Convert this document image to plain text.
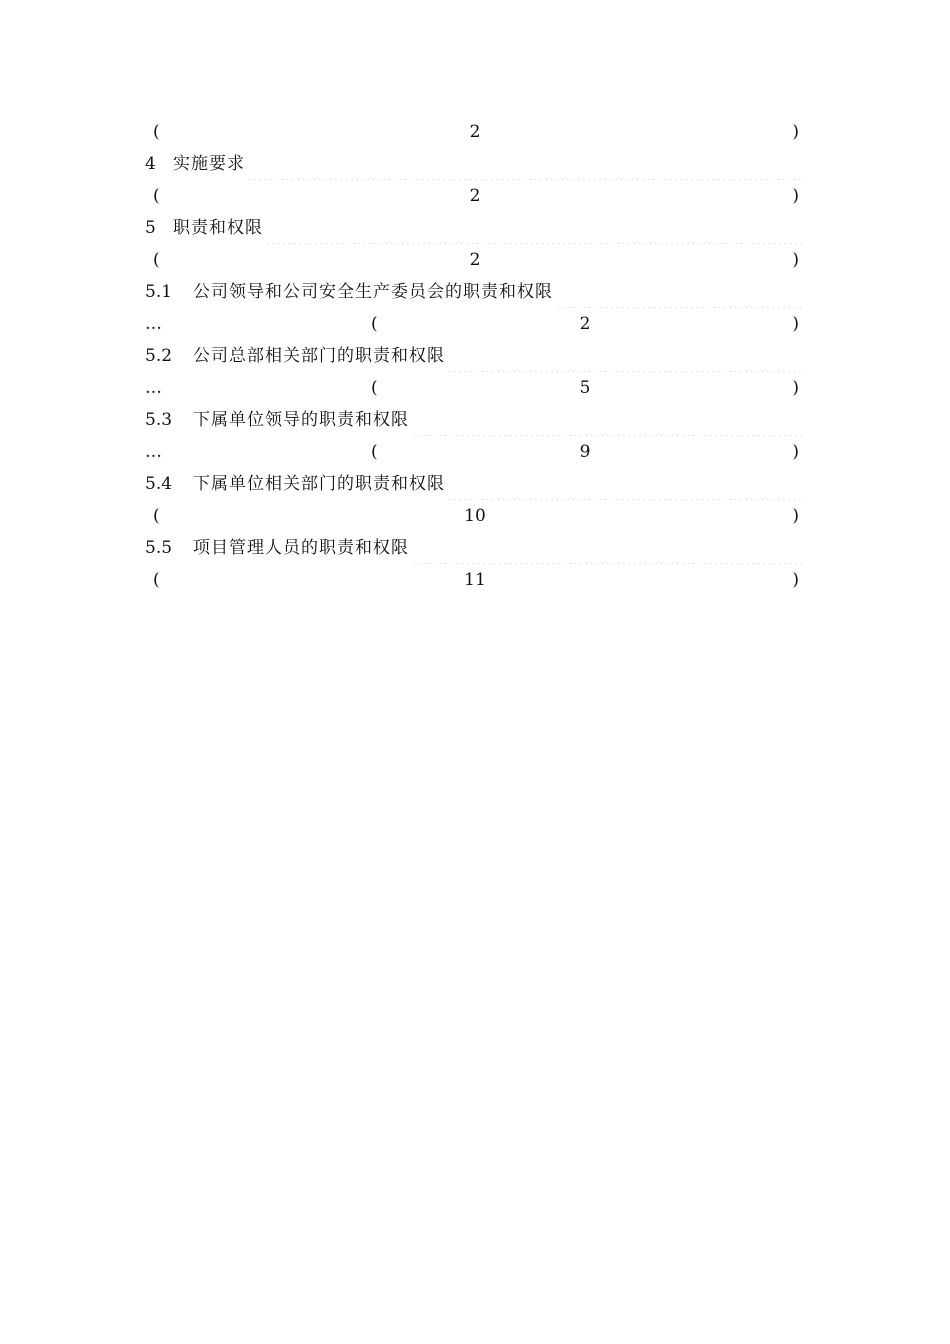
(	2	)
4	实施要求
(	2	)
5	职责和权限
(	2	)
5.1	公司领导和公司安全生产委员会的职责和权限
…	(	2	)
5.2	公司总部相关部门的职责和权限
…	(	5	)
5.3	下属单位领导的职责和权限
…	(	9	)
5.4	下属单位相关部门的职责和权限
(	10	)
5.5	项目管理人员的职责和权限
(	11	)
